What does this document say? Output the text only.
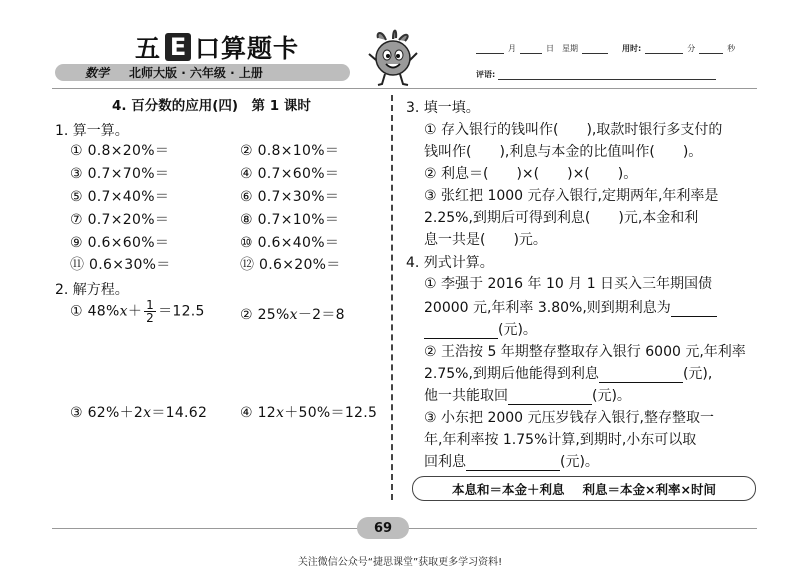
五 E 口算题卡
数学 北师大版 · 六年级 · 上册
月	日 星期	用时:	分	秒
评语:
4. 百分数的应用(四)　第 1 课时
1. 算一算。
① 0.8×20%＝	② 0.8×10%＝
③ 0.7×70%＝	④ 0.7×60%＝
⑤ 0.7×40%＝	⑥ 0.7×30%＝
⑦ 0.7×20%＝	⑧ 0.7×10%＝
⑨ 0.6×60%＝	⑩ 0.6×40%＝
⑪ 0.6×30%＝	⑫ 0.6×20%＝
2. 解方程。
① $48\%x+ \frac{1}{2} =12.5$	② 25%x－2＝8
③ 62%＋2x＝14.62 ④ 12x＋50%＝12.5
3. 填一填。
① 存入银行的钱叫作(　　),取款时银行多支付的
钱叫作(　　),利息与本金的比值叫作(　　)。
② 利息＝(　　)×(　　)×(　　)。
③ 张红把 1000 元存入银行,定期两年,年利率是
2.25%,到期后可得到利息(　　)元,本金和利
息一共是(　　)元。
4. 列式计算。
① 李强于 2016 年 10 月 1 日买入三年期国债
20000 元,年利率 3.80%,则到期利息为
(元)。
② 王浩按 5 年期整存整取存入银行 6000 元,年利率
2.75%,到期后他能得到利息	(元),
他一共能取回	(元)。
③ 小东把 2000 元压岁钱存入银行,整存整取一
年,年利率按 1.75%计算,到期时,小东可以取
回利息	(元)。
本息和＝本金＋利息 利息＝本金×利率×时间
69
关注微信公众号“捷思课堂”获取更多学习资料!
